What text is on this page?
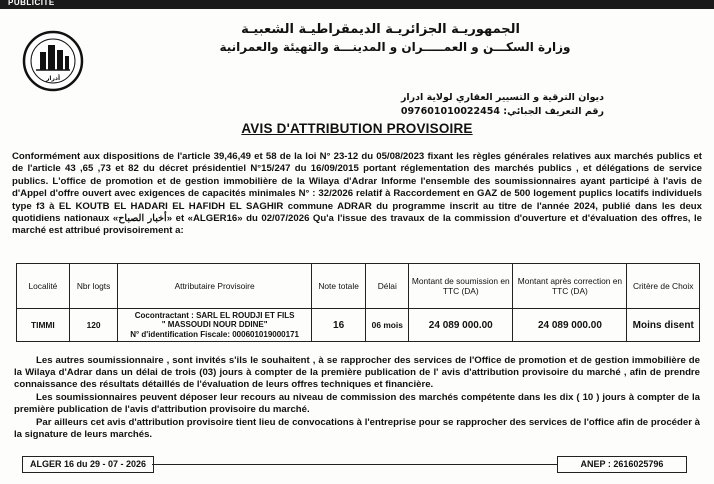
PUBLICITE
أدرار
الجمهوريـة الجزائريـة الديمقراطيـة الشعبيـة
وزارة السكـــن و العمـــــران و المدينـــة والتهيئة والعمرانية
ديوان الترقية و التسيير العقاري لولاية ادرار
رقم التعريف الجبائي: 097601010022454
AVIS D'ATTRIBUTION PROVISOIRE
Conformément aux dispositions de l'article 39,46,49 et 58 de la loi N° 23-12 du 05/08/2023 fixant les règles générales relatives aux marchés publics et de l'article 43 ,65 ,73 et 82 du décret présidentiel N°15/247 du 16/09/2015 portant réglementation des marchés publics , et délégations de service publics. L'office de promotion et de gestion immobilière de la Wilaya d'Adrar Informe l'ensemble des soumissionnaires ayant participé à l'avis de d'Appel d'offre ouvert avec exigences de capacités minimales N° : 32/2026 relatif à Raccordement en GAZ de 500 logement puplics locatifs individuels type f3 à EL KOUTB EL HADARI EL HAFIDH EL SAGHIR commune ADRAR du programme inscrit au titre de l'année 2024, publié dans les deux quotidiens nationaux «أخبار الصباح» et «ALGER16» du 02/07/2026 Qu'a l'issue des travaux de la commission d'ouverture et d'évaluation des offres, le marché est attribué provisoirement a:
Localité	Nbr logts	Attributaire Provisoire	Note totale	Délai	Montant de soumission en TTC (DA)	Montant après correction en TTC (DA)	Critère de Choix
TIMMI	120	Cocontractant : SARL EL ROUDJI ET FILS
" MASSOUDI NOUR DDINE"
N° d'identification Fiscale: 000601019000171	16	06 mois	24 089 000.00	24 089 000.00	Moins disent
Les autres soumissionnaire , sont invités s'ils le souhaitent , à se rapprocher des services de l'Office de promotion et de gestion immobilière de la Wilaya d'Adrar dans un délai de trois (03) jours à compter de la première publication de l' avis d'attribution provisoire du marché , afin de prendre connaissance des résultats détaillés de l'évaluation de leurs offres techniques et financière.
Les soumissionnaires peuvent déposer leur recours au niveau de commission des marchés compétente dans les dix ( 10 ) jours à compter de la première publication de l'avis d'attribution provisoire du marché.
Par ailleurs cet avis d'attribution provisoire tient lieu de convocations à l'entreprise pour se rapprocher des services de l'office afin de procéder à la signature de leurs marchés.
ALGER 16 du 29 - 07 - 2026	ANEP : 2616025796
